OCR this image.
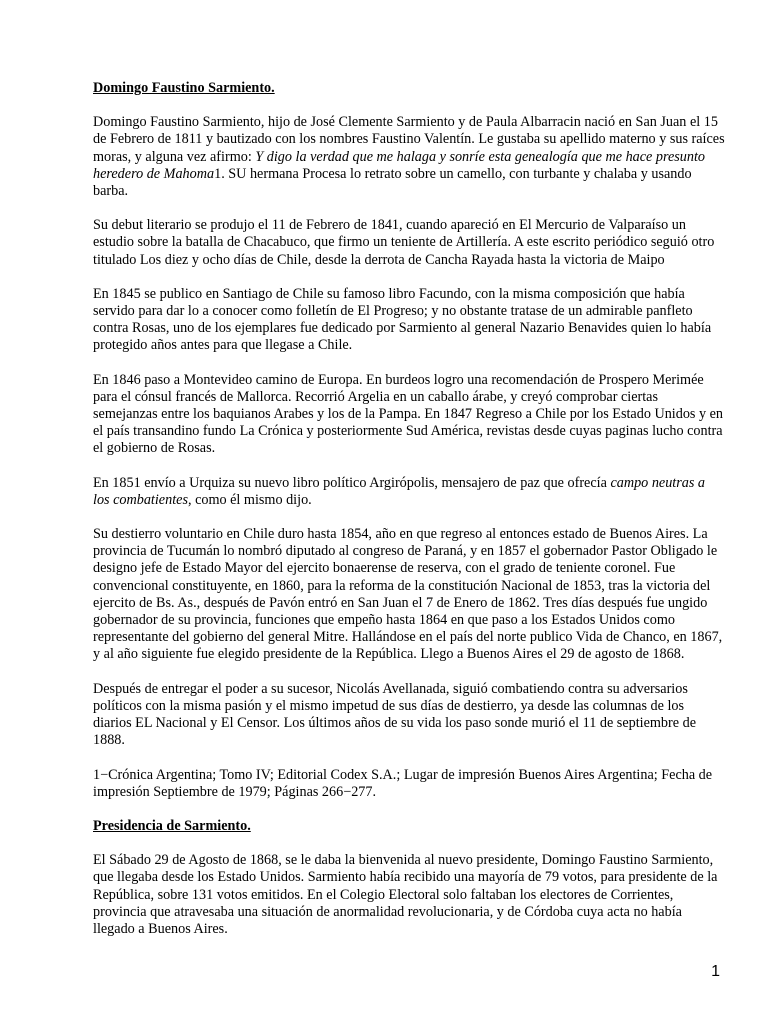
Domingo Faustino Sarmiento.
Domingo Faustino Sarmiento, hijo de José Clemente Sarmiento y de Paula Albarracin nació en San Juan el 15 de Febrero de 1811 y bautizado con los nombres Faustino Valentín. Le gustaba su apellido materno y sus raíces moras, y alguna vez afirmo: Y digo la verdad que me halaga y sonríe esta genealogía que me hace presunto heredero de Mahoma1. SU hermana Procesa lo retrato sobre un camello, con turbante y chalaba y usando barba.
Su debut literario se produjo el 11 de Febrero de 1841, cuando apareció en El Mercurio de Valparaíso un estudio sobre la batalla de Chacabuco, que firmo un teniente de Artillería. A este escrito periódico seguió otro titulado Los diez y ocho días de Chile, desde la derrota de Cancha Rayada hasta la victoria de Maipo
En 1845 se publico en Santiago de Chile su famoso libro Facundo, con la misma composición que había servido para dar lo a conocer como folletín de El Progreso; y no obstante tratase de un admirable panfleto contra Rosas, uno de los ejemplares fue dedicado por Sarmiento al general Nazario Benavides quien lo había protegido años antes para que llegase a Chile.
En 1846 paso a Montevideo camino de Europa. En burdeos logro una recomendación de Prospero Merimée para el cónsul francés de Mallorca. Recorrió Argelia en un caballo árabe, y creyó comprobar ciertas semejanzas entre los baquianos Arabes y los de la Pampa. En 1847 Regreso a Chile por los Estado Unidos y en el país transandino fundo La Crónica y posteriormente Sud América, revistas desde cuyas paginas lucho contra el gobierno de Rosas.
En 1851 envío a Urquiza su nuevo libro político Argirópolis, mensajero de paz que ofrecía campo neutras a los combatientes, como él mismo dijo.
Su destierro voluntario en Chile duro hasta 1854, año en que regreso al entonces estado de Buenos Aires. La provincia de Tucumán lo nombró diputado al congreso de Paraná, y en 1857 el gobernador Pastor Obligado le designo jefe de Estado Mayor del ejercito bonaerense de reserva, con el grado de teniente coronel. Fue convencional constituyente, en 1860, para la reforma de la constitución Nacional de 1853, tras la victoria del ejercito de Bs. As., después de Pavón entró en San Juan el 7 de Enero de 1862. Tres días después fue ungido gobernador de su provincia, funciones que empeño hasta 1864 en que paso a los Estados Unidos como representante del gobierno del general Mitre. Hallándose en el país del norte publico Vida de Chanco, en 1867, y al año siguiente fue elegido presidente de la República. Llego a Buenos Aires el 29 de agosto de 1868.
Después de entregar el poder a su sucesor, Nicolás Avellanada, siguió combatiendo contra su adversarios políticos con la misma pasión y el mismo impetud de sus días de destierro, ya desde las columnas de los diarios EL Nacional y El Censor. Los últimos años de su vida los paso sonde murió el 11 de septiembre de 1888.
1−Crónica Argentina; Tomo IV; Editorial Codex S.A.; Lugar de impresión Buenos Aires Argentina; Fecha de impresión Septiembre de 1979; Páginas 266−277.
Presidencia de Sarmiento.
El Sábado 29 de Agosto de 1868, se le daba la bienvenida al nuevo presidente, Domingo Faustino Sarmiento, que llegaba desde los Estado Unidos. Sarmiento había recibido una mayoría de 79 votos, para presidente de la República, sobre 131 votos emitidos. En el Colegio Electoral solo faltaban los electores de Corrientes, provincia que atravesaba una situación de anormalidad revolucionaria, y de Córdoba cuya acta no había llegado a Buenos Aires.
1
